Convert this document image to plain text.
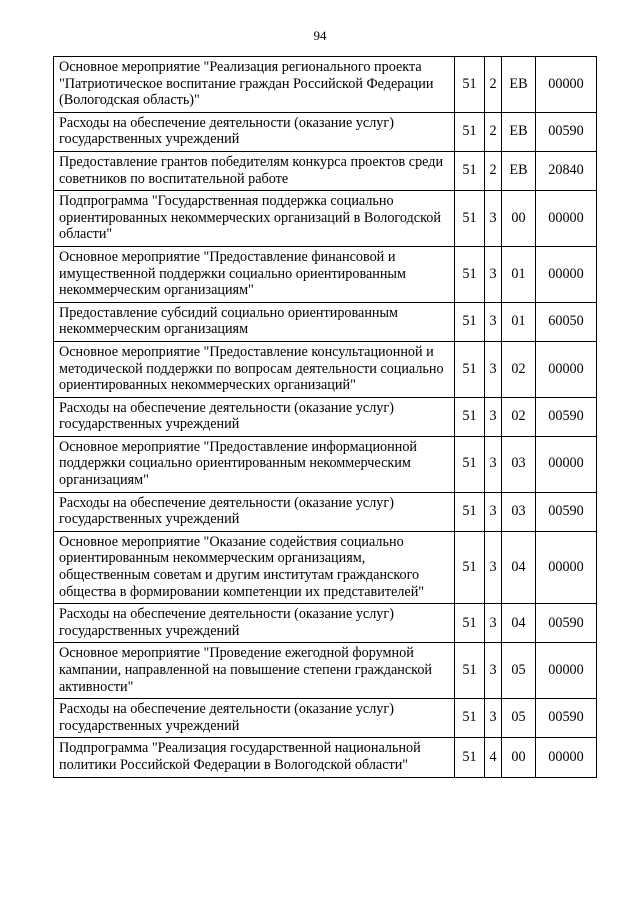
94
Основное мероприятие "Реализация регионального проекта "Патриотическое воспитание граждан Российской Федерации (Вологодская область)"	51	2	ЕВ	00000
Расходы на обеспечение деятельности (оказание услуг) государственных учреждений	51	2	ЕВ	00590
Предоставление грантов победителям конкурса проектов среди советников по воспитательной работе	51	2	ЕВ	20840
Подпрограмма "Государственная поддержка социально ориентированных некоммерческих организаций в Вологодской области"	51	3	00	00000
Основное мероприятие "Предоставление финансовой и имущественной поддержки социально ориентированным некоммерческим организациям"	51	3	01	00000
Предоставление субсидий социально ориентированным некоммерческим организациям	51	3	01	60050
Основное мероприятие "Предоставление консультационной и методической поддержки по вопросам деятельности социально ориентированных некоммерческих организаций"	51	3	02	00000
Расходы на обеспечение деятельности (оказание услуг) государственных учреждений	51	3	02	00590
Основное мероприятие "Предоставление информационной поддержки социально ориентированным некоммерческим организациям"	51	3	03	00000
Расходы на обеспечение деятельности (оказание услуг) государственных учреждений	51	3	03	00590
Основное мероприятие "Оказание содействия социально ориентированным некоммерческим организациям, общественным советам и другим институтам гражданского общества в формировании компетенции их представителей"	51	3	04	00000
Расходы на обеспечение деятельности (оказание услуг) государственных учреждений	51	3	04	00590
Основное мероприятие "Проведение ежегодной форумной кампании, направленной на повышение степени гражданской активности"	51	3	05	00000
Расходы на обеспечение деятельности (оказание услуг) государственных учреждений	51	3	05	00590
Подпрограмма "Реализация государственной национальной политики Российской Федерации в Вологодской области"	51	4	00	00000
